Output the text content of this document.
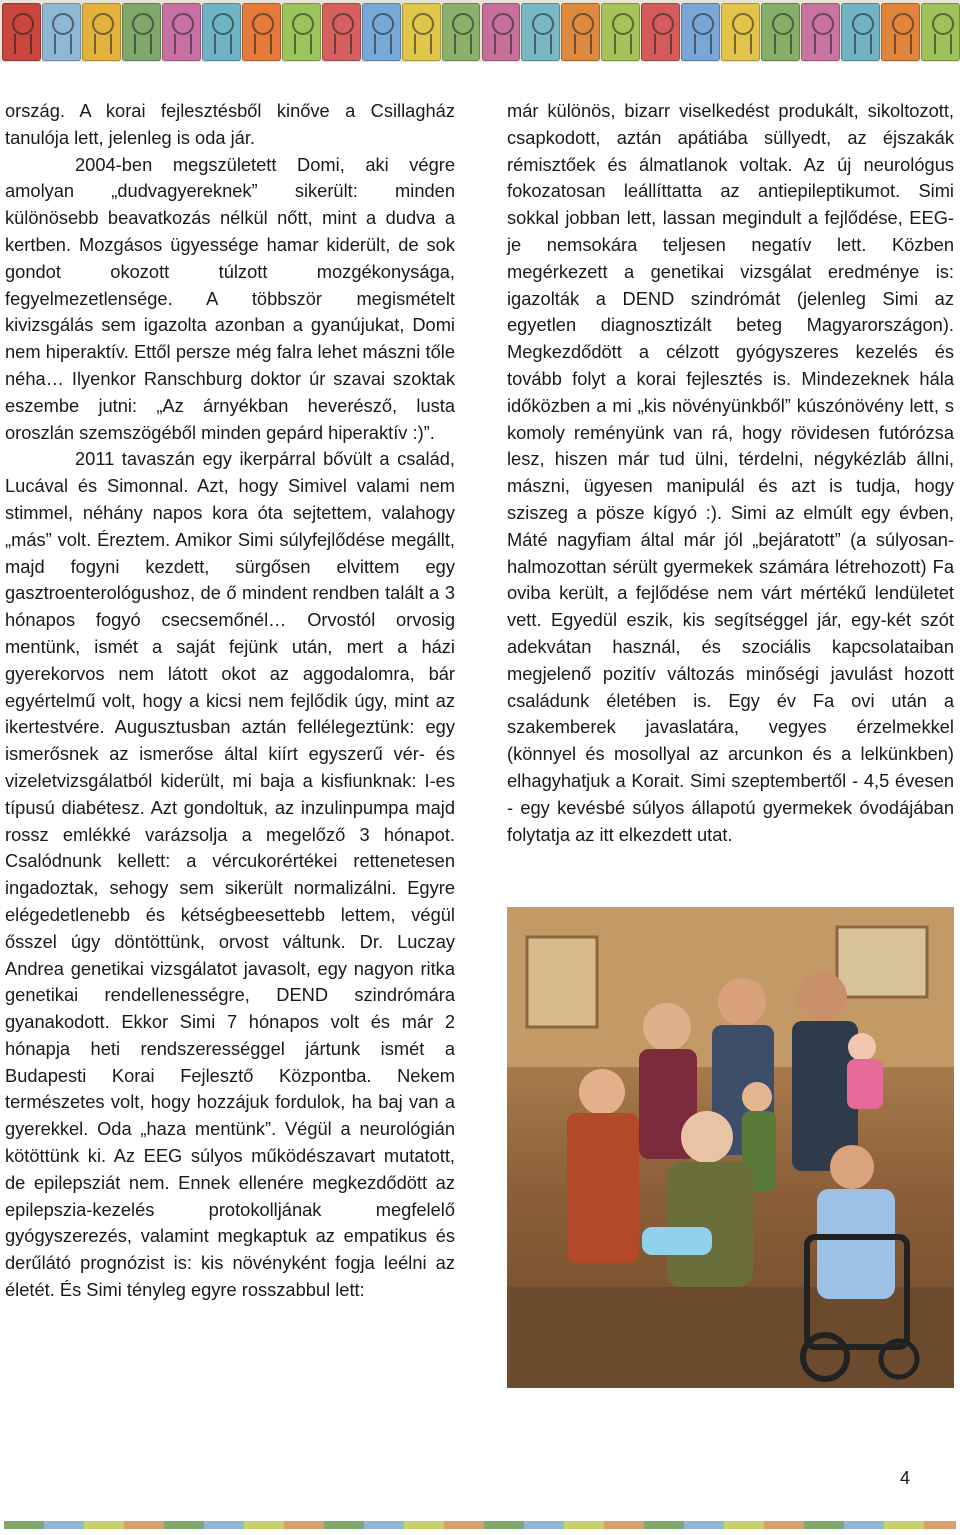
ország. A korai fejlesztésből kinőve a Csillagház tanulója lett, jelenleg is oda jár.

2004-ben megszületett Domi, aki végre amolyan „dudvagyereknek” sikerült: minden különösebb beavatkozás nélkül nőtt, mint a dudva a kertben. Mozgásos ügyessége hamar kiderült, de sok gondot okozott túlzott mozgékonysága, fegyelmezetlensége. A többször megismételt kivizsgálás sem igazolta azonban a gyanújukat, Domi nem hiperaktív. Ettől persze még falra lehet mászni tőle néha… Ilyenkor Ranschburg doktor úr szavai szoktak eszembe jutni: „Az árnyékban heverésző, lusta oroszlán szemszögéből minden gepárd hiperaktív :)”.

2011 tavaszán egy ikerpárral bővült a család, Lucával és Simonnal. Azt, hogy Simivel valami nem stimmel, néhány napos kora óta sejtettem, valahogy „más” volt. Éreztem. Amikor Simi súlyfejlődése megállt, majd fogyni kezdett, sürgősen elvittem egy gasztroenterológushoz, de ő mindent rendben talált a 3 hónapos fogyó csecsemőnél… Orvostól orvosig mentünk, ismét a saját fejünk után, mert a házi gyerekorvos nem látott okot az aggodalomra, bár egyértelmű volt, hogy a kicsi nem fejlődik úgy, mint az ikertestvére. Augusztusban aztán fellélegeztünk: egy ismerősnek az ismerőse által kiírt egyszerű vér- és vizeletvizsgálatból kiderült, mi baja a kisfiunknak: I-es típusú diabétesz. Azt gondoltuk, az inzulinpumpa majd rossz emlékké varázsolja a megelőző 3 hónapot. Csalódnunk kellett: a vércukorértékei rettenetesen ingadoztak, sehogy sem sikerült normalizálni. Egyre elégedetlenebb és kétségbeesettebb lettem, végül ősszel úgy döntöttünk, orvost váltunk. Dr. Luczay Andrea genetikai vizsgálatot javasolt, egy nagyon ritka genetikai rendellenességre, DEND szindrómára gyanakodott. Ekkor Simi 7 hónapos volt és már 2 hónapja heti rendszerességgel jártunk ismét a Budapesti Korai Fejlesztő Központba. Nekem természetes volt, hogy hozzájuk fordulok, ha baj van a gyerekkel. Oda „haza mentünk”. Végül a neurológián kötöttünk ki. Az EEG súlyos működészavart mutatott, de epilepsziát nem. Ennek ellenére megkezdődött az epilepszia-kezelés protokolljának megfelelő gyógyszerezés, valamint megkaptuk az empatikus és derűlátó prognózist is: kis növényként fogja leélni az életét. És Simi tényleg egyre rosszabbul lett:

már különös, bizarr viselkedést produkált, sikoltozott, csapkodott, aztán apátiába süllyedt, az éjszakák rémisztőek és álmatlanok voltak. Az új neurológus fokozatosan leállíttatta az antiepileptikumot. Simi sokkal jobban lett, lassan megindult a fejlődése, EEG-je nemsokára teljesen negatív lett. Közben megérkezett a genetikai vizsgálat eredménye is: igazolták a DEND szindrómát (jelenleg Simi az egyetlen diagnosztizált beteg Magyarországon). Megkezdődött a célzott gyógyszeres kezelés és tovább folyt a korai fejlesztés is. Mindezeknek hála időközben a mi „kis növényünkből” kúszónövény lett, s komoly reményünk van rá, hogy rövidesen futórózsa lesz, hiszen már tud ülni, térdelni, négykézláb állni, mászni, ügyesen manipulál és azt is tudja, hogy sziszeg a pösze kígyó :). Simi az elmúlt egy évben, Máté nagyfiam által már jól „bejáratott” (a súlyosan-halmozottan sérült gyermekek számára létrehozott) Fa oviba került, a fejlődése nem várt mértékű lendületet vett. Egyedül eszik, kis segítséggel jár, egy-két szót adekvátan használ, és szociális kapcsolataiban megjelenő pozitív változás minőségi javulást hozott családunk életében is. Egy év Fa ovi után a szakemberek javaslatára, vegyes érzelmekkel (könnyel és mosollyal az arcunkon és a lelkünkben) elhagyhatjuk a Korait. Simi szeptembertől - 4,5 évesen - egy kevésbé súlyos állapotú gyermekek óvodájában folytatja az itt elkezdett utat.

4
